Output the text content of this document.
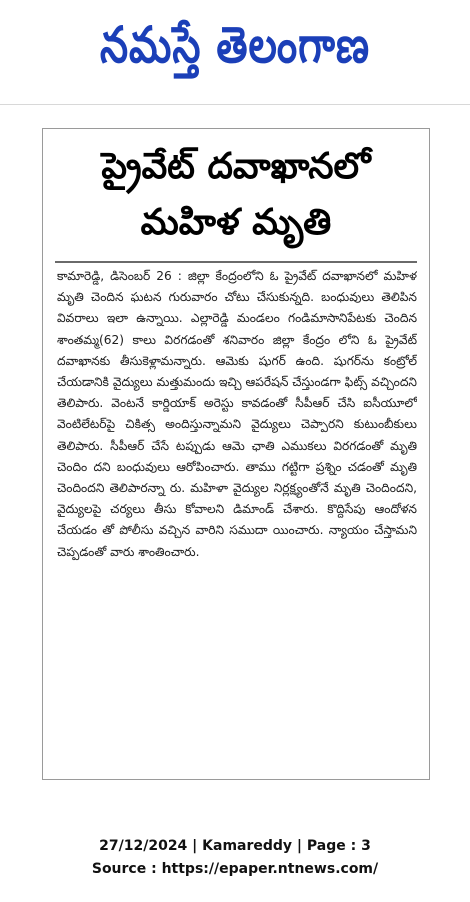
నమస్తే తెలంగాణ
ప్రైవేట్ దవాఖానలో
మహిళ మృతి
కామారెడ్డి, డిసెంబర్ 26 : జిల్లా కేంద్రంలోని ఓ ప్రైవేట్ దవాఖానలో మహిళ మృతి చెందిన ఘటన గురువారం చోటు చేసుకున్నది. బంధువులు తెలిపిన వివరాలు ఇలా ఉన్నాయి. ఎల్లారెడ్డి మండలం గండిమాసానిపేటకు చెందిన శాంతమ్మ(62) కాలు విరగడంతో శనివారం జిల్లా కేంద్రం లోని ఓ ప్రైవేట్ దవాఖానకు తీసుకెళ్లామన్నారు. ఆమెకు షుగర్ ఉంది. షుగర్‌ను కంట్రోల్ చేయడానికి వైద్యులు మత్తుమందు ఇచ్చి ఆపరేషన్ చేస్తుండగా ఫిట్స్ వచ్చిందని తెలిపారు. వెంటనే కార్డియాక్ అరెస్టు కావడంతో సీపీఆర్ చేసి ఐసీయూలో వెంటిలేటర్‌పై చికిత్స అందిస్తున్నామని వైద్యులు చెప్పారని కుటుంబీకులు తెలిపారు. సీపీఆర్ చేసే టప్పుడు ఆమె ఛాతి ఎముకలు విరగడంతో మృతి చెందిం దని బంధువులు ఆరోపించారు. తాము గట్టిగా ప్రశ్నిం చడంతో మృతి చెందిందని తెలిపారన్నా రు. మహిళా వైద్యుల నిర్లక్ష్యంతోనే మృతి చెందిందని, వైద్యులపై చర్యలు తీసు కోవాలని డిమాండ్ చేశారు. కొద్దిసేపు ఆందోళన చేయడం తో పోలీసు వచ్చిన వారిని సముదా యించారు. న్యాయం చేస్తామని చెప్పడంతో వారు శాంతించారు.
27/12/2024 | Kamareddy | Page : 3
Source : https://epaper.ntnews.com/
